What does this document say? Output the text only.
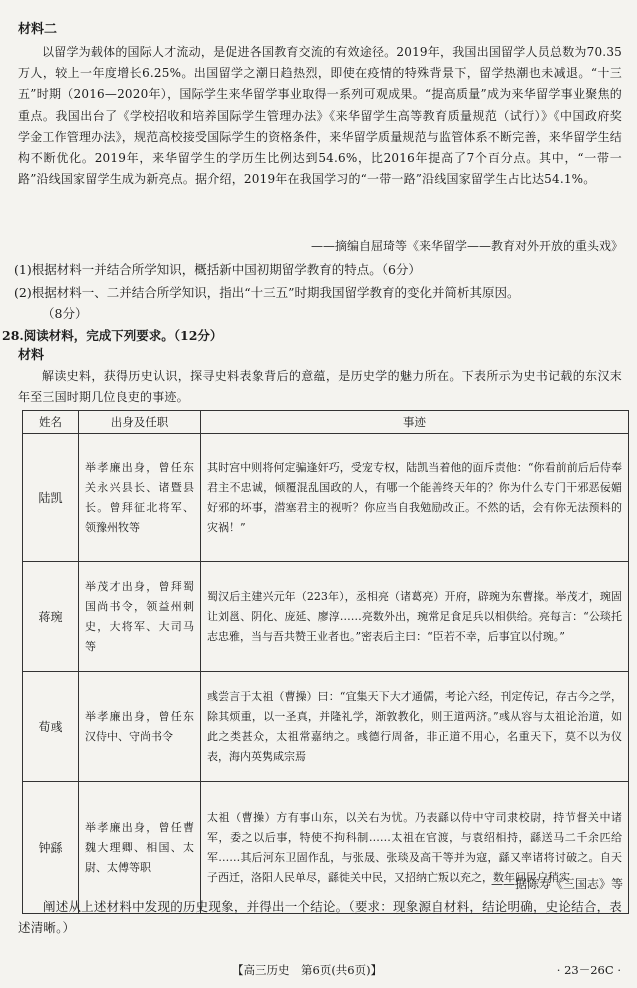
材料二

以留学为载体的国际人才流动，是促进各国教育交流的有效途径。2019年，我国出国留学人员总数为70.35万人，较上一年度增长6.25%。出国留学之潮日趋热烈，即使在疫情的特殊背景下，留学热潮也未减退。“十三五”时期（2016—2020年），国际学生来华留学事业取得一系列可观成果。“提高质量”成为来华留学事业聚焦的重点。我国出台了《学校招收和培养国际学生管理办法》《来华留学生高等教育质量规范（试行）》《中国政府奖学金工作管理办法》，规范高校接受国际学生的资格条件，来华留学质量规范与监管体系不断完善，来华留学生结构不断优化。2019年，来华留学生的学历生比例达到54.6%，比2016年提高了7个百分点。其中，“一带一路”沿线国家留学生成为新亮点。据介绍，2019年在我国学习的“一带一路”沿线国家留学生占比达54.1%。

——摘编自屈琦等《来华留学——教育对外开放的重头戏》
(1)根据材料一并结合所学知识，概括新中国初期留学教育的特点。（6分）
(2)根据材料一、二并结合所学知识，指出“十三五”时期我国留学教育的变化并简析其原因。
（8分）
28.阅读材料，完成下列要求。（12分）
材料

解读史料，获得历史认识，探寻史料表象背后的意蕴，是历史学的魅力所在。下表所示为史书记载的东汉末年至三国时期几位良吏的事迹。

姓名	出身及任职	事迹
陆凯	举孝廉出身，曾任东关永兴县长、诸暨县长。曾拜征北将军、领豫州牧等	其时宫中则将何定骗逢奸巧，受宠专权，陆凯当着他的面斥责他：“你看前前后后侍奉君主不忠诚，倾覆混乱国政的人，有哪一个能善终天年的？你为什么专门干邪恶佞媚好邪的坏事，潜塞君主的视听？你应当自我勉励改正。不然的话，会有你无法预料的灾祸！”
蒋琬	举茂才出身，曾拜蜀国尚书令，领益州刺史，大将军、大司马等	蜀汉后主建兴元年（223年），丞相亮（诸葛亮）开府，辟琬为东曹掾。举茂才，琬固让刘邕、阴化、庞延、廖淳……亮数外出，琬常足食足兵以相供给。亮每言：“公琰托志忠雅，当与吾共赞王业者也。”密表后主曰：“臣若不幸，后事宜以付琬。”
荀彧	举孝廉出身，曾任东汉侍中、守尚书令	彧尝言于太祖（曹操）曰：“宜集天下大才通儒，考论六经，刊定传记，存古今之学，除其烦重，以一圣真，并隆礼学，渐敦教化，则王道两济。”彧从容与太祖论治道，如此之类甚众，太祖常嘉纳之。彧德行周备，非正道不用心，名重天下，莫不以为仪表，海内英隽咸宗焉
钟繇	举孝廉出身，曾任曹魏大理卿、相国、太尉、太傅等职	太祖（曹操）方有事山东，以关右为忧。乃表繇以侍中守司隶校尉，持节督关中诸军，委之以后事，特使不拘科制……太祖在官渡，与袁绍相持，繇送马二千余匹给军……其后河东卫固作乱，与张晟、张琰及高干等并为寇，繇又率诸将讨破之。自天子西迁，洛阳人民单尽，繇徙关中民，又招纳亡叛以充之，数年间民户稍实
——据陈寿《三国志》等

阐述从上述材料中发现的历史现象，并得出一个结论。（要求：现象源自材料，结论明确，史论结合，表述清晰。）

【高三历史　第6页(共6页)】	· 23－26C ·
